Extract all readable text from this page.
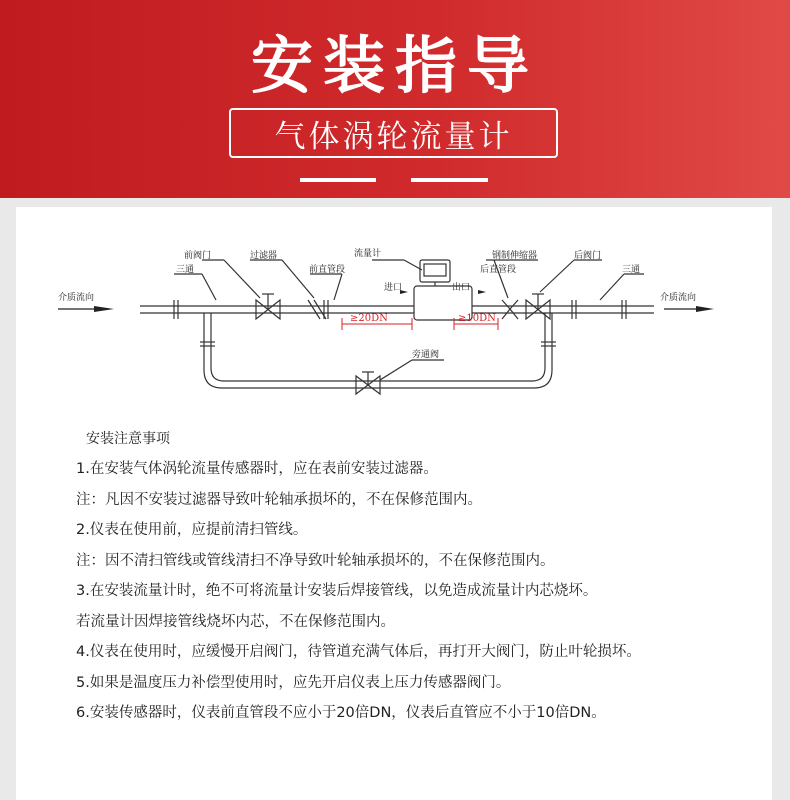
安装指导
气体涡轮流量计
前阀门	过滤器	流量计
前直管段
三通
介质流向
进口	出口
≥20DN	≥10DN
后直管段
钢制伸缩器	后阀门
三通
介质流向
旁通阀
安装注意事项
1.在安装气体涡轮流量传感器时，应在表前安装过滤器。
注：凡因不安装过滤器导致叶轮轴承损坏的，不在保修范围内。
2.仪表在使用前，应提前清扫管线。
注：因不清扫管线或管线清扫不净导致叶轮轴承损坏的，不在保修范围内。
3.在安装流量计时，绝不可将流量计安装后焊接管线，以免造成流量计内芯烧坏。
若流量计因焊接管线烧坏内芯，不在保修范围内。
4.仪表在使用时，应缓慢开启阀门，待管道充满气体后，再打开大阀门，防止叶轮损坏。
5.如果是温度压力补偿型使用时，应先开启仪表上压力传感器阀门。
6.安装传感器时，仪表前直管段不应小于20倍DN，仪表后直管应不小于10倍DN。
